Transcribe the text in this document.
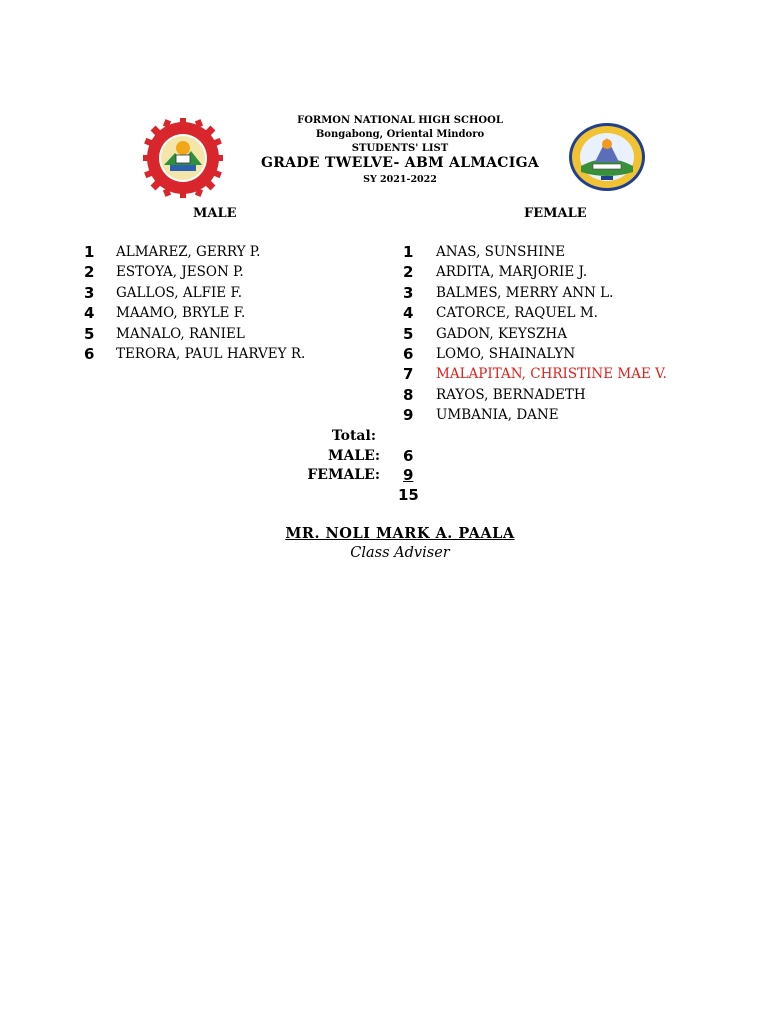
FORMON NATIONAL HIGH SCHOOL
Bongabong, Oriental Mindoro
STUDENTS' LIST
GRADE TWELVE- ABM ALMACIGA
SY 2021-2022
MALE	FEMALE
1 ALMAREZ, GERRY P.
2 ESTOYA, JESON P.
3 GALLOS, ALFIE F.
4 MAAMO, BRYLE F.
5 MANALO, RANIEL
6 TERORA, PAUL HARVEY R.
1 ANAS, SUNSHINE
2 ARDITA, MARJORIE J.
3 BALMES, MERRY ANN L.
4 CATORCE, RAQUEL M.
5 GADON, KEYSZHA
6 LOMO, SHAINALYN
7 MALAPITAN, CHRISTINE MAE V.
8 RAYOS, BERNADETH
9 UMBANIA, DANE
Total:
MALE: 6
FEMALE: 9
15
MR. NOLI MARK A. PAALA
Class Adviser
